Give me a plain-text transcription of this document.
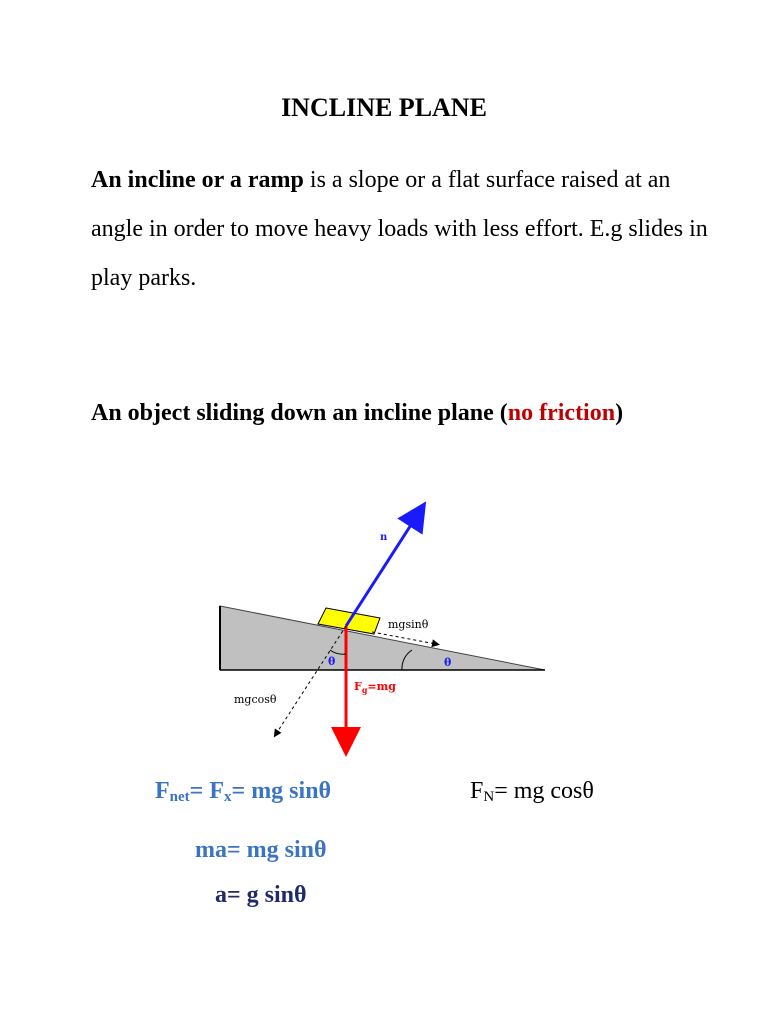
INCLINE PLANE
An incline or a ramp is a slope or a flat surface raised at an angle in order to move heavy loads with less effort. E.g slides in play parks.
An object sliding down an incline plane (no friction)
n
mgsinθ
mgcosθ
θ	θ
$F_g=mg$
$F_{net}= F_x=$ mg sinθ	$F_N=$ mg cosθ
ma= mg sinθ
a= g sinθ
